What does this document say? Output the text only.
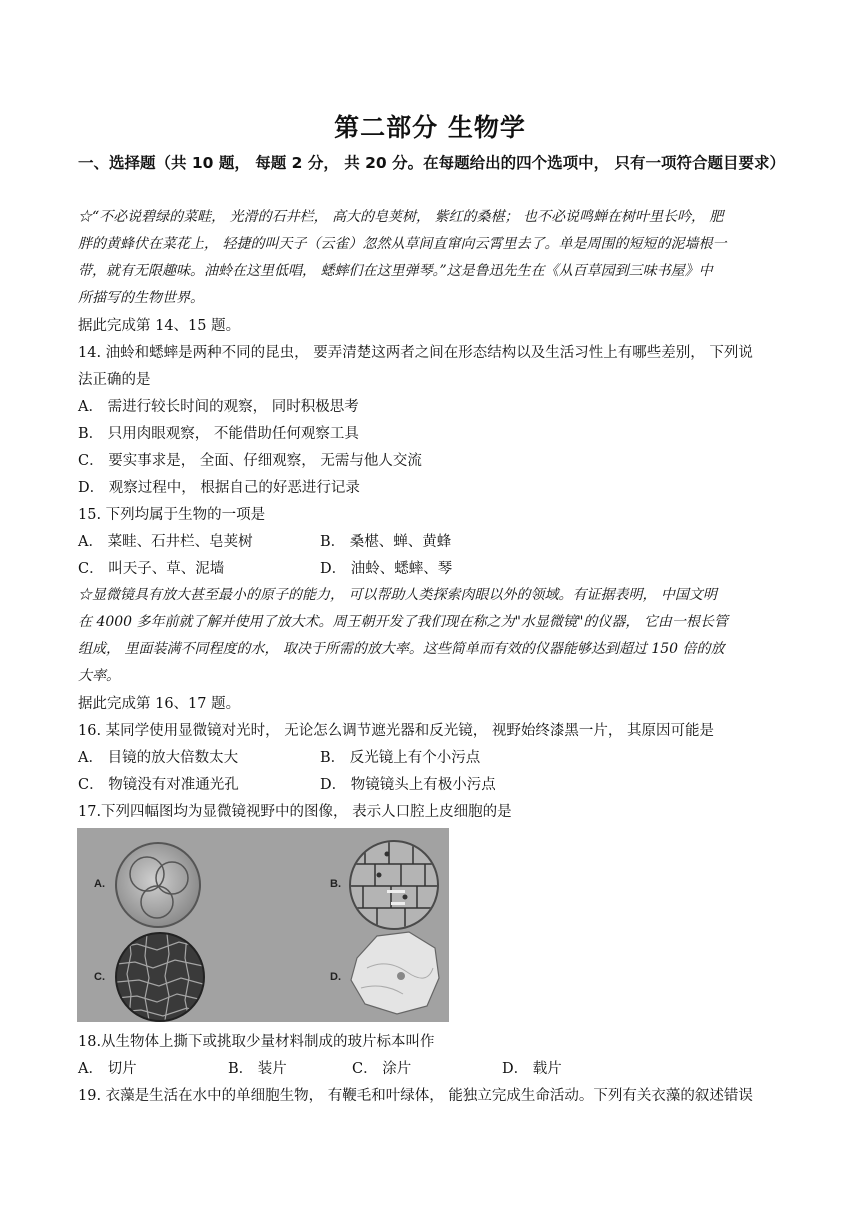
第二部分 生物学
一、选择题（共 10 题， 每题 2 分， 共 20 分。在每题给出的四个选项中， 只有一项符合题目要求）
☆“不必说碧绿的菜畦， 光滑的石井栏， 高大的皂荚树， 紫红的桑椹； 也不必说鸣蝉在树叶里长吟， 肥
胖的黄蜂伏在菜花上， 轻捷的叫天子（云雀）忽然从草间直窜向云霄里去了。单是周围的短短的泥墙根一
带，就有无限趣味。油蛉在这里低唱， 蟋蟀们在这里弹琴。”这是鲁迅先生在《从百草园到三味书屋》中
所描写的生物世界。
据此完成第 14、15 题。
14. 油蛉和蟋蟀是两种不同的昆虫， 要弄清楚这两者之间在形态结构以及生活习性上有哪些差别， 下列说
法正确的是
A． 需进行较长时间的观察， 同时积极思考
B． 只用肉眼观察， 不能借助任何观察工具
C． 要实事求是， 全面、仔细观察， 无需与他人交流
D． 观察过程中， 根据自己的好恶进行记录
15. 下列均属于生物的一项是
A． 菜畦、石井栏、皂荚树	B． 桑椹、蝉、黄蜂
C． 叫天子、草、泥墙	D． 油蛉、蟋蟀、琴
☆显微镜具有放大甚至最小的原子的能力， 可以帮助人类探索肉眼以外的领域。有证据表明， 中国文明
在 4000 多年前就了解并使用了放大术。周王朝开发了我们现在称之为"水显微镜"的仪器， 它由一根长管
组成， 里面装满不同程度的水， 取决于所需的放大率。这些简单而有效的仪器能够达到超过 150 倍的放
大率。
据此完成第 16、17 题。
16. 某同学使用显微镜对光时， 无论怎么调节遮光器和反光镜， 视野始终漆黑一片， 其原因可能是
A． 目镜的放大倍数太大	B． 反光镜上有个小污点
C． 物镜没有对准通光孔	D． 物镜镜头上有极小污点
17.下列四幅图均为显微镜视野中的图像， 表示人口腔上皮细胞的是
A.	B.
C.	D.
18.从生物体上撕下或挑取少量材料制成的玻片标本叫作
A． 切片	B． 装片	C． 涂片	D． 载片
19. 衣藻是生活在水中的单细胞生物， 有鞭毛和叶绿体， 能独立完成生命活动。下列有关衣藻的叙述错误
